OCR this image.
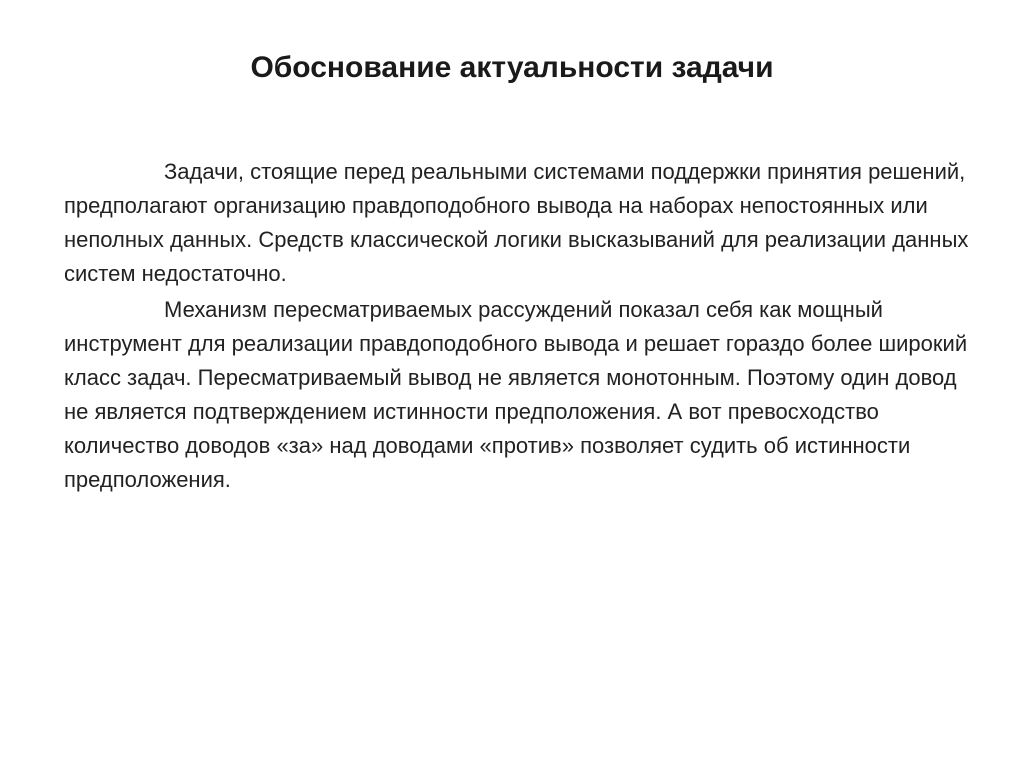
Обоснование актуальности задачи

Задачи, стоящие перед реальными системами поддержки принятия решений, предполагают организацию правдоподобного вывода на наборах непостоянных или неполных данных. Средств классической логики высказываний для реализации данных систем недостаточно.

Механизм пересматриваемых рассуждений показал себя как мощный инструмент для реализации правдоподобного вывода и решает гораздо более широкий класс задач. Пересматриваемый вывод не является монотонным. Поэтому один довод не является подтверждением истинности предположения. А вот превосходство количество доводов «за» над доводами «против» позволяет судить об истинности предположения.
